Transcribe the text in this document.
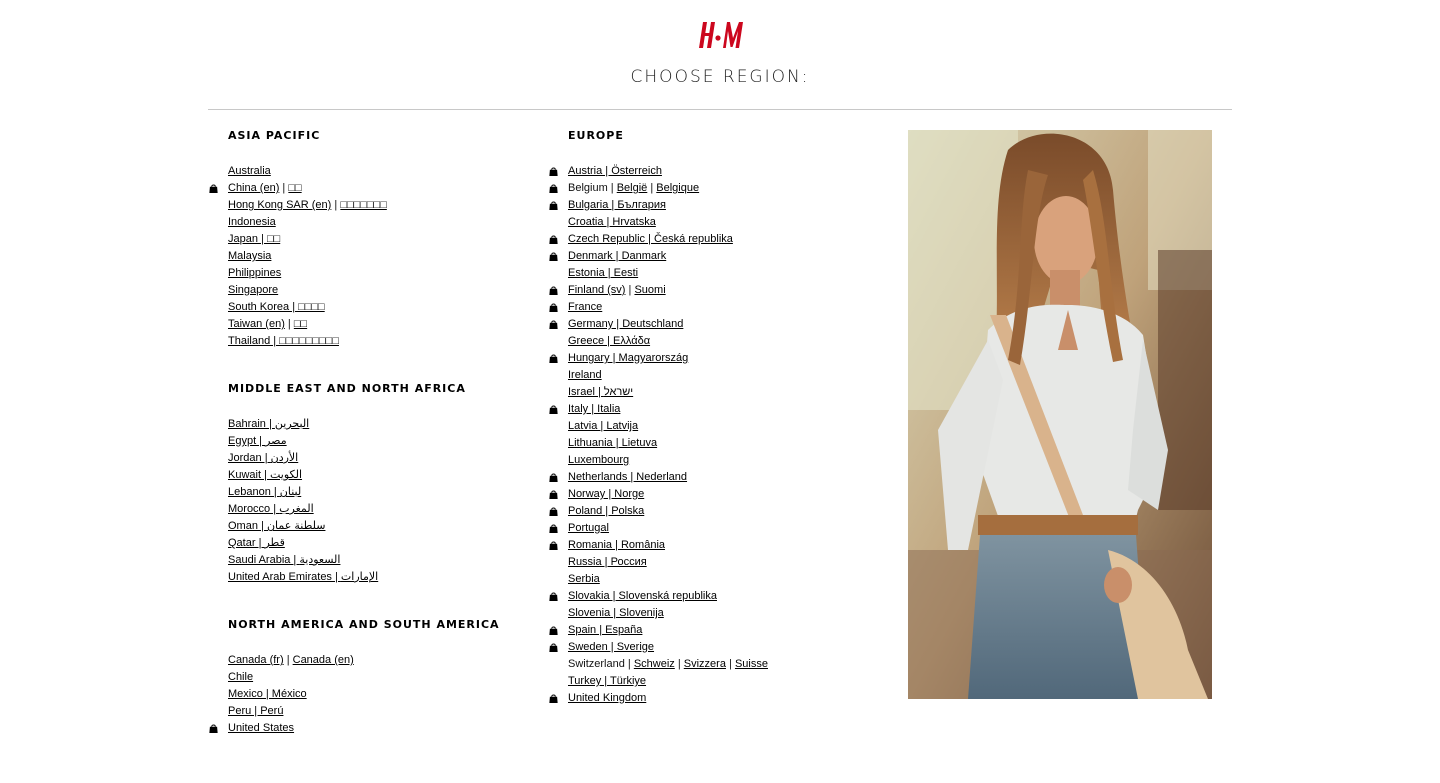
CHOOSE REGION:
ASIA PACIFIC
Australia
China (en) | □□
Hong Kong SAR (en) | □□□□□□□
Indonesia
Japan | □□
Malaysia
Philippines
Singapore
South Korea | □□□□
Taiwan (en) | □□
Thailand | □□□□□□□□□
MIDDLE EAST AND NORTH AFRICA
Bahrain | البحرين
Egypt | مصر
Jordan | الأردن
Kuwait | الكويت
Lebanon | لبنان
Morocco | المغرب
Oman | سلطنة عمان
Qatar | قطر
Saudi Arabia | السعودية
United Arab Emirates | الإمارات
NORTH AMERICA AND SOUTH AMERICA
Canada (fr) | Canada (en)
Chile
Mexico | México
Peru | Perú
United States
EUROPE
Austria | Österreich
Belgium | België | Belgique
Bulgaria | България
Croatia | Hrvatska
Czech Republic | Česká republika
Denmark | Danmark
Estonia | Eesti
Finland (sv) | Suomi
France
Germany | Deutschland
Greece | Ελλάδα
Hungary | Magyarország
Ireland
Israel | ישראל
Italy | Italia
Latvia | Latvija
Lithuania | Lietuva
Luxembourg
Netherlands | Nederland
Norway | Norge
Poland | Polska
Portugal
Romania | România
Russia | Россия
Serbia
Slovakia | Slovenská republika
Slovenia | Slovenija
Spain | España
Sweden | Sverige
Switzerland | Schweiz | Svizzera | Suisse
Turkey | Türkiye
United Kingdom
